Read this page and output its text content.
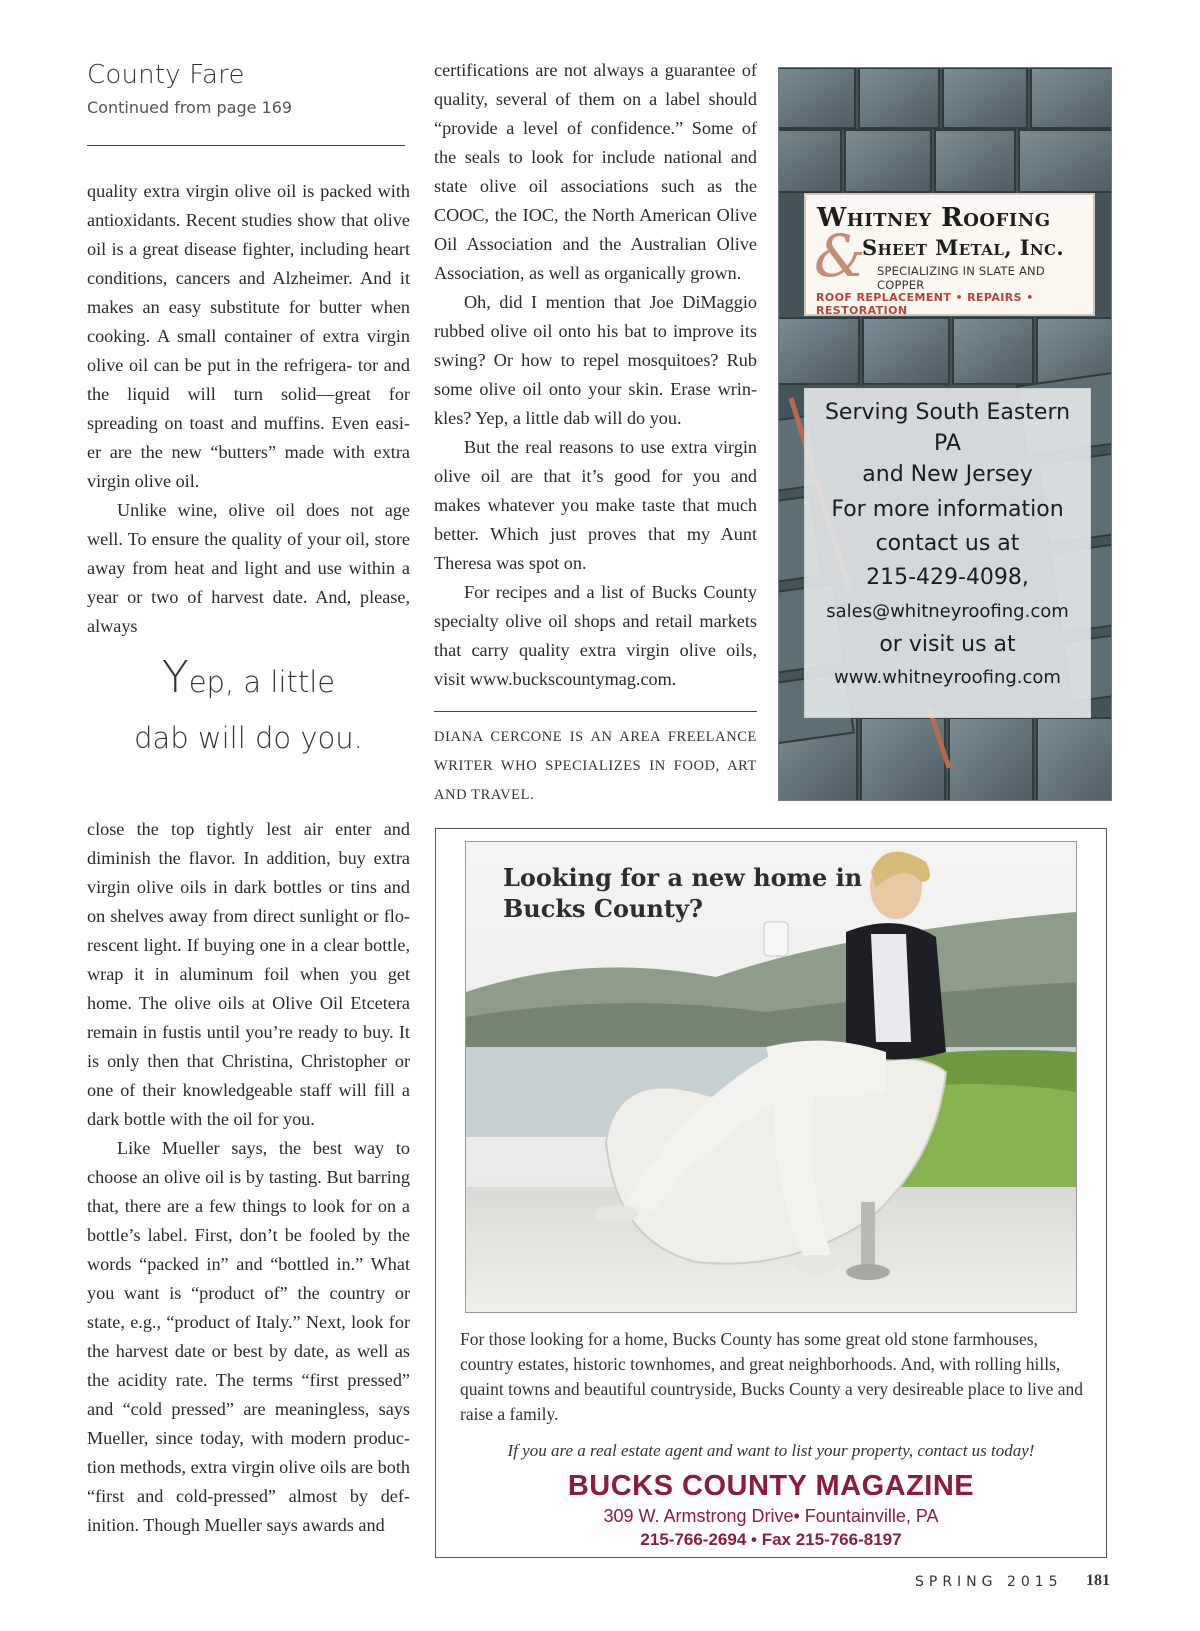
County Fare
Continued from page 169

quality extra virgin olive oil is packed with antioxidants. Recent studies show that olive oil is a great disease fighter, including heart conditions, cancers and Alzheimer. And it makes an easy substitute for butter when cooking. A small container of extra virgin olive oil can be put in the refrigera- tor and the liquid will turn solid—great for spreading on toast and muffins. Even easi- er are the new “butters” made with extra virgin olive oil.

Unlike wine, olive oil does not age well. To ensure the quality of your oil, store away from heat and light and use within a year or two of harvest date. And, please, always

Yep, a little
dab will do you.

close the top tightly lest air enter and diminish the flavor. In addition, buy extra virgin olive oils in dark bottles or tins and on shelves away from direct sunlight or flo- rescent light. If buying one in a clear bottle, wrap it in aluminum foil when you get home. The olive oils at Olive Oil Etcetera remain in fustis until you’re ready to buy. It is only then that Christina, Christopher or one of their knowledgeable staff will fill a dark bottle with the oil for you.

Like Mueller says, the best way to choose an olive oil is by tasting. But barring that, there are a few things to look for on a bottle’s label. First, don’t be fooled by the words “packed in” and “bottled in.” What you want is “product of” the country or state, e.g., “product of Italy.” Next, look for the harvest date or best by date, as well as the acidity rate. The terms “first pressed” and “cold pressed” are meaningless, says Mueller, since today, with modern produc- tion methods, extra virgin olive oils are both “first and cold-pressed” almost by def- inition. Though Mueller says awards and

certifications are not always a guarantee of quality, several of them on a label should “provide a level of confidence.” Some of the seals to look for include national and state olive oil associations such as the COOC, the IOC, the North American Olive Oil Association and the Australian Olive Association, as well as organically grown.

Oh, did I mention that Joe DiMaggio rubbed olive oil onto his bat to improve its swing? Or how to repel mosquitoes? Rub some olive oil onto your skin. Erase wrin- kles? Yep, a little dab will do you.

But the real reasons to use extra virgin olive oil are that it’s good for you and makes whatever you make taste that much better. Which just proves that my Aunt Theresa was spot on.

For recipes and a list of Bucks County specialty olive oil shops and retail markets that carry quality extra virgin olive oils, visit www.buckscountymag.com.

DIANA CERCONE IS AN AREA FREELANCE WRITER WHO SPECIALIZES IN FOOD, ART AND TRAVEL.
Whitney Roofing
&
Sheet Metal, Inc.
SPECIALIZING IN SLATE AND COPPER
ROOF REPLACEMENT • REPAIRS • RESTORATION
Serving South Eastern
PA
and New Jersey
For more information
contact us at
215-429-4098,
sales@whitneyroofing.com
or visit us at
www.whitneyroofing.com
Looking for a new home in
Bucks County?
For those looking for a home, Bucks County has some great old stone farmhouses, country estates, historic townhomes, and great neighborhoods. And, with rolling hills, quaint towns and beautiful countryside, Bucks County a very desireable place to live and raise a family.
If you are a real estate agent and want to list your property, contact us today!
BUCKS COUNTY MAGAZINE
309 W. Armstrong Drive• Fountainville, PA
215-766-2694 • Fax 215-766-8197
SPRING 2015 181
